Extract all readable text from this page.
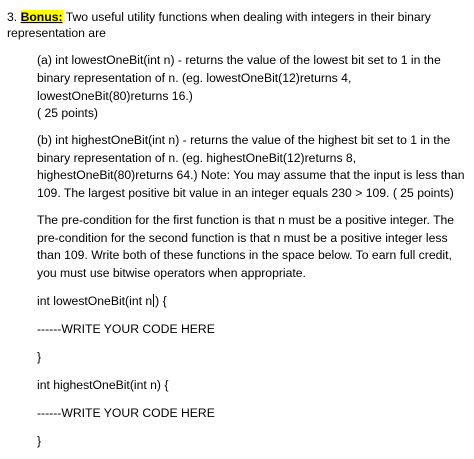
3. Bonus: Two useful utility functions when dealing with integers in their binary
representation are
(a) int lowestOneBit(int n) - returns the value of the lowest bit set to 1 in the
binary representation of n. (eg. lowestOneBit(12)returns 4,
lowestOneBit(80)returns 16.)
( 25 points)
(b) int highestOneBit(int n) - returns the value of the highest bit set to 1 in the
binary representation of n. (eg. highestOneBit(12)returns 8,
highestOneBit(80)returns 64.) Note: You may assume that the input is less than
109. The largest positive bit value in an integer equals 230 > 109. ( 25 points)
The pre-condition for the first function is that n must be a positive integer. The
pre-condition for the second function is that n must be a positive integer less
than 109. Write both of these functions in the space below. To earn full credit,
you must use bitwise operators when appropriate.
int lowestOneBit(int n ) {
------WRITE YOUR CODE HERE
}
int highestOneBit(int n) {
------WRITE YOUR CODE HERE
}
